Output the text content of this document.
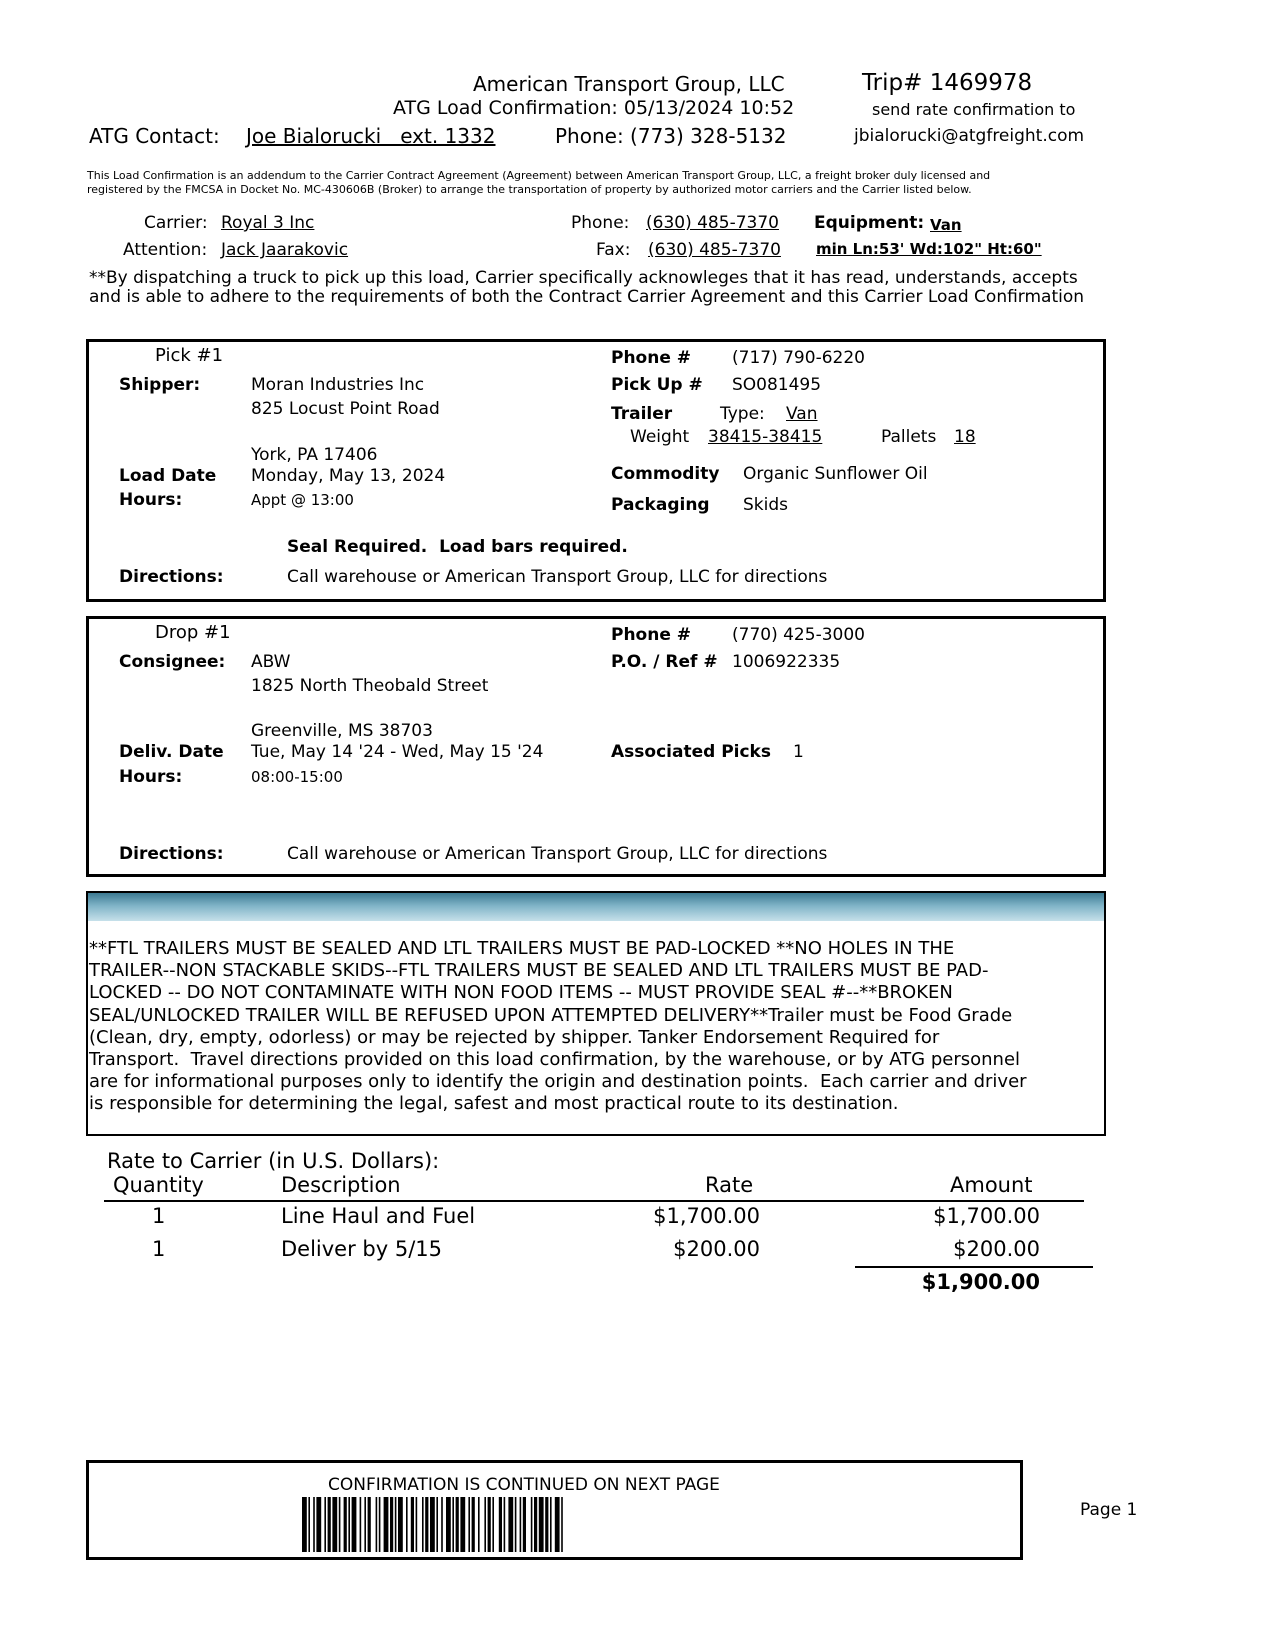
American Transport Group, LLC	Trip# 1469978
ATG Load Confirmation: 05/13/2024 10:52	send rate confirmation to
ATG Contact: Joe Bialorucki   ext. 1332	Phone: (773) 328-5132	jbialorucki@atgfreight.com
This Load Confirmation is an addendum to the Carrier Contract Agreement (Agreement) between American Transport Group, LLC, a freight broker duly licensed and
registered by the FMCSA in Docket No. MC-430606B (Broker) to arrange the transportation of property by authorized motor carriers and the Carrier listed below.
Carrier: Royal 3 Inc
Attention: Jack Jaarakovic
Phone: (630) 485-7370
Fax: (630) 485-7370
Equipment: Van
min Ln:53' Wd:102" Ht:60"
**By dispatching a truck to pick up this load, Carrier specifically acknowleges that it has read, understands, accepts
and is able to adhere to the requirements of both the Contract Carrier Agreement and this Carrier Load Confirmation
Pick #1
Shipper:	Moran Industries Inc
825 Locust Point Road
York, PA 17406
Load Date Monday, May 13, 2024
Hours:	Appt @ 13:00
Phone # (717) 790-6220
Pick Up # SO081495
Trailer	Type: Van
Weight 38415-38415	Pallets 18
Commodity Organic Sunflower Oil
Packaging Skids
Seal Required.  Load bars required.
Directions:	Call warehouse or American Transport Group, LLC for directions
Drop #1
Consignee: ABW
1825 North Theobald Street
Greenville, MS 38703
Deliv. Date Tue, May 14 '24 - Wed, May 15 '24
Hours:	08:00-15:00
Phone # (770) 425-3000
P.O. / Ref # 1006922335
Associated Picks 1
Directions:	Call warehouse or American Transport Group, LLC for directions
**FTL TRAILERS MUST BE SEALED AND LTL TRAILERS MUST BE PAD-LOCKED **NO HOLES IN THE
TRAILER--NON STACKABLE SKIDS--FTL TRAILERS MUST BE SEALED AND LTL TRAILERS MUST BE PAD-
LOCKED -- DO NOT CONTAMINATE WITH NON FOOD ITEMS -- MUST PROVIDE SEAL #--**BROKEN
SEAL/UNLOCKED TRAILER WILL BE REFUSED UPON ATTEMPTED DELIVERY**Trailer must be Food Grade
(Clean, dry, empty, odorless) or may be rejected by shipper. Tanker Endorsement Required for
Transport.  Travel directions provided on this load confirmation, by the warehouse, or by ATG personnel
are for informational purposes only to identify the origin and destination points.  Each carrier and driver
is responsible for determining the legal, safest and most practical route to its destination.
Rate to Carrier (in U.S. Dollars):
Quantity	Description	Rate	Amount
1	Line Haul and Fuel	$1,700.00	$1,700.00
1	Deliver by 5/15	$200.00	$200.00
$1,900.00
CONFIRMATION IS CONTINUED ON NEXT PAGE
Page 1
